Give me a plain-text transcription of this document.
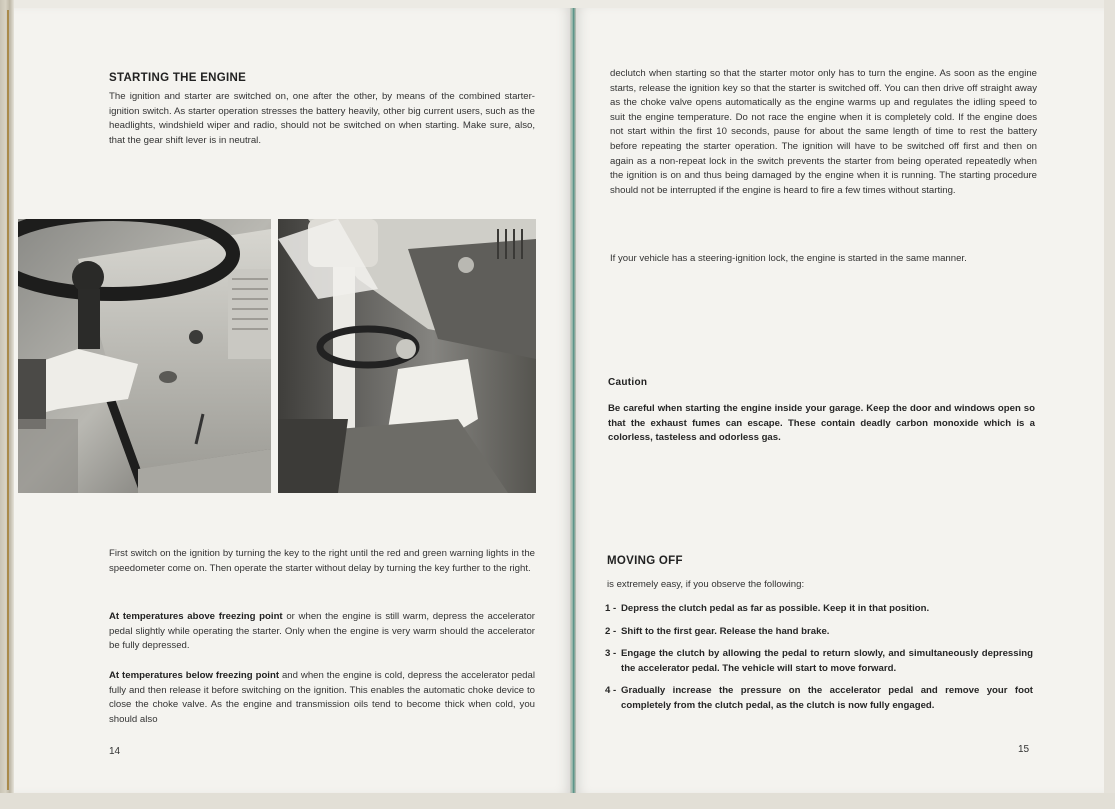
STARTING THE ENGINE

The ignition and starter are switched on, one after the other, by means of the combined starter-ignition switch. As starter operation stresses the battery heavily, other big current users, such as the headlights, windshield wiper and radio, should not be switched on when starting. Make sure, also, that the gear shift lever is in neutral.

First switch on the ignition by turning the key to the right until the red and green warning lights in the speedometer come on. Then operate the starter without delay by turning the key further to the right.

At temperatures above freezing point or when the engine is still warm, depress the accelerator pedal slightly while operating the starter. Only when the engine is very warm should the accelerator be fully depressed.

At temperatures below freezing point and when the engine is cold, depress the accelerator pedal fully and then release it before switching on the ignition. This enables the automatic choke device to close the choke valve. As the engine and transmission oils tend to become thick when cold, you should also

14

declutch when starting so that the starter motor only has to turn the engine. As soon as the engine starts, release the ignition key so that the starter is switched off. You can then drive off straight away as the choke valve opens automatically as the engine warms up and regulates the idling speed to suit the engine temperature. Do not race the engine when it is completely cold. If the engine does not start within the first 10 seconds, pause for about the same length of time to rest the battery before repeating the starter operation. The ignition will have to be switched off first and then on again as a non-repeat lock in the switch prevents the starter from being operated repeatedly when the ignition is on and thus being damaged by the engine when it is running. The starting procedure should not be interrupted if the engine is heard to fire a few times without starting.

If your vehicle has a steering-ignition lock, the engine is started in the same manner.

Caution

Be careful when starting the engine inside your garage. Keep the door and windows open so that the exhaust fumes can escape. These contain deadly carbon monoxide which is a colorless, tasteless and odorless gas.

MOVING OFF

is extremely easy, if you observe the following:

1 - Depress the clutch pedal as far as possible. Keep it in that position.
2 - Shift to the first gear. Release the hand brake.
3 - Engage the clutch by allowing the pedal to return slowly, and simultaneously depressing the accelerator pedal. The vehicle will start to move forward.
4 - Gradually increase the pressure on the accelerator pedal and remove your foot completely from the clutch pedal, as the clutch is now fully engaged.
15
